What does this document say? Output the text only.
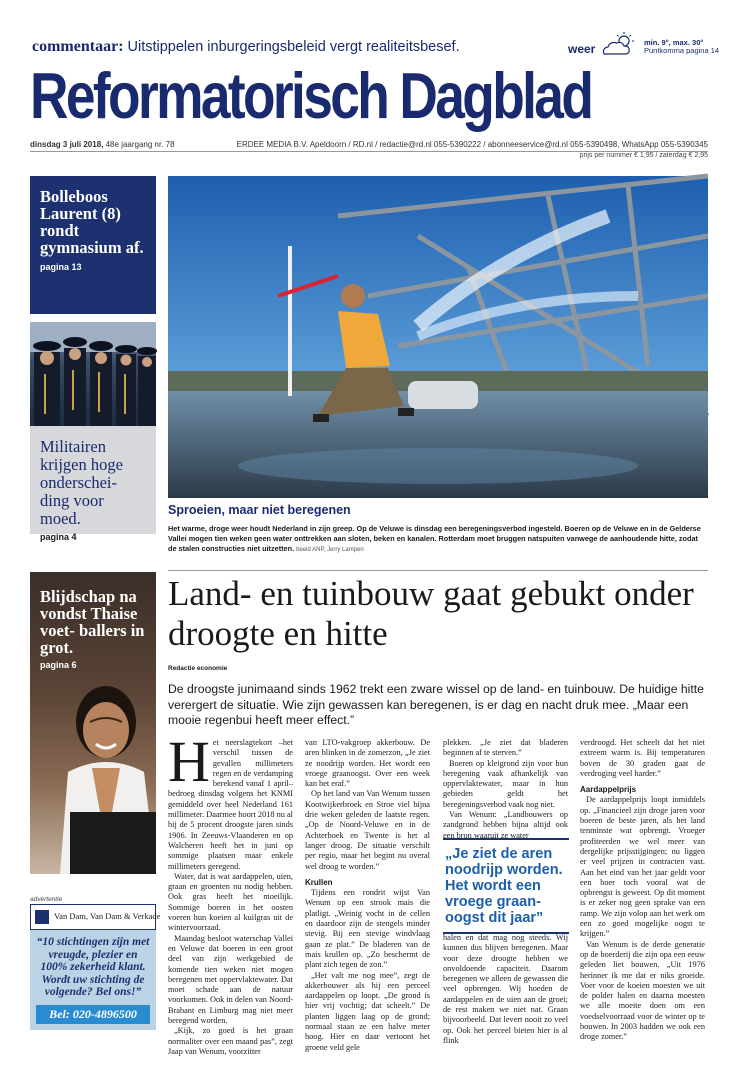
commentaar: Uitstippelen inburgeringsbeleid vergt realiteitsbesef.	weer	min. 9°, max. 30°
Puntkomma pagina 14
Reformatorisch Dagblad
dinsdag 3 juli 2018, 48e jaargang nr. 78	ERDEE MEDIA B.V. Apeldoorn / RD.nl / redactie@rd.nl 055-5390222 / abonneeservice@rd.nl 055-5390498, WhatsApp 055-5390345
prijs per nummer € 1,95 / zaterdag € 2,95
Bolleboos Laurent (8) rondt gymnasium af.
pagina 13
Militairen krijgen hoge onderschei- ding voor moed.
pagina 4
Blijdschap na vondst Thaise voet- ballers in grot.
pagina 6
advertentie
Van Dam, Van Dam & Verkade
“10 stichtingen zijn met vreugde, plezier en 100% zekerheid klant. Wordt uw stichting de volgende? Bel ons!”
Bel: 020-4896500
Sproeien, maar niet beregenen
Het warme, droge weer houdt Nederland in zijn greep. Op de Veluwe is dinsdag een beregeningsverbod ingesteld. Boeren op de Veluwe en in de Gelderse Vallei mogen tien weken geen water onttrekken aan sloten, beken en kanalen. Rotterdam moet bruggen natspuiten vanwege de aanhoudende hitte, zodat de stalen constructies niet uitzetten. beeld ANP, Jerry Lampen
Land- en tuinbouw gaat gebukt onder droogte en hitte
Redactie economie
De droogste junimaand sinds 1962 trekt een zware wissel op de land- en tuinbouw. De huidige hitte verergert de situatie. Wie zijn gewassen kan beregenen, is er dag en nacht druk mee. „Maar een mooie regenbui heeft meer effect.”
H et neerslagtekort –het verschil tussen de gevallen millimeters regen en de verdamping berekend vanaf 1 april– bedroeg dinsdag volgens het KNMI gemiddeld over heel Nederland 161 millimeter. Daarmee hoort 2018 nu al bij de 5 procent droogste jaren sinds 1906. In Zeeuws-Vlaanderen en op Walcheren heeft het in juni op sommige plaatsen maar enkele millimeters geregend.

Water, dat is wat aardappelen, uien, graan en groenten nu nodig hebben. Ook gras heeft het moeilijk. Sommige boeren in het oosten voeren hun koeien al kuilgras uit de wintervoorraad.

Maandag besloot waterschap Vallei en Veluwe dat boeren in een groot deel van zijn werkgebied de komende tien weken niet mogen beregenen met oppervlaktewater. Dat moet schade aan de natuur voorkomen. Ook in delen van Noord-Brabant en Limburg mag niet meer beregend worden.

„Kijk, zo goed is het graan normaliter over een maand pas”, zegt Jaap van Wenum, voorzitter

van LTO-vakgroep akkerbouw. De aren blinken in de zomerzon, „Je ziet ze noodrijp worden. Het wordt een vroege graanoogst. Over een week kan het eraf.”

Op het land van Van Wenum tussen Kootwijkerbroek en Stroe viel bijna drie weken geleden de laatste regen. „Op de Noord-Veluwe en in de Achterhoek en Twente is het al langer droog. De situatie verschilt per regio, maar het begint nu overal wel droog te worden.”

Krullen

Tijdens een rondrit wijst Van Wenum op een strook mais die platligt. „Weinig vocht in de cellen en daardoor zijn de stengels minder stevig. Bij een stevige windvlaag gaan ze plat.” De bladeren van de mais krullen op. „Zo beschermt de plant zich tegen de zon.”

„Het valt me nog mee”, zegt de akkerbouwer als hij een perceel aardappelen op loopt. „De grond is hier vrij vochtig; dat scheelt.” De planten liggen laag op de grond; normaal staan ze een halve meter hoog. Hier en daar vertoont het groene veld gele

plekken. „Je ziet dat bladeren beginnen af te sterven.”

Boeren op kleigrond zijn voor hun beregening vaak afhankelijk van oppervlaktewater, maar in hun gebieden geldt het beregeningsverbod vaak nog niet.

Van Wenum: „Landbouwers op zandgrond hebben bijna altijd ook een bron waaruit ze water

halen en dat mag nog steeds. Wij kunnen dus blijven beregenen. Maar voor deze droogte hebben we onvoldoende capaciteit. Daarom beregenen we alleen de gewassen die veel opbrengen. Wij hoeden de aardappelen en de uien aan de groei; de rest maken we niet nat. Graan bijvoorbeeld. Dat levert nooit zo veel op. Ook het perceel bieten hier is al flink

„Je ziet de aren noodrijp worden. Het wordt een vroege graan- oogst dit jaar”

verdroogd. Het scheelt dat het niet extreem warm is. Bij temperaturen boven de 30 graden gaat de verdroging veel harder.”

Aardappelprijs

De aardappelprijs loopt inmiddels op. „Financieel zijn droge jaren voor boeren de beste jaren, als het land tenminste wat opbrengt. Vroeger profiteerden we wel meer van dergelijke prijsstijgingen; nu liggen er veel prijzen in contracten vast. Aan het eind van het jaar geldt voor een boer toch vooral wat de opbrengst is geweest. Op dit moment is er zeker nog geen sprake van een ramp. We zijn volop aan het werk om een zo goed mogelijke oogst te krijgen.”

Van Wenum is de derde generatie op de boerderij die zijn opa een eeuw geleden liet bouwen. „Uit 1976 herinner ik me dat er niks groeide. Voer voor de koeien moesten we uit de polder halen en daarna moesten we alle moeite doen om een voedselvoorraad voor de winter op te bouwen. In 2003 hadden we ook een droge zomer.”
